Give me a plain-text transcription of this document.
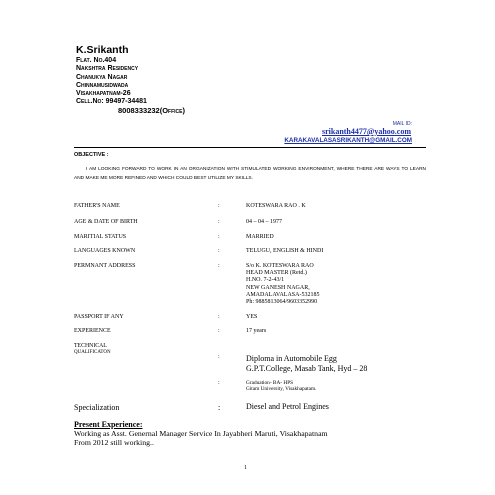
K.Srikanth
Flat. No.404
Nakshtra Residency
Chanukya Nagar
Chinnamusidwada
Visakhapatnam-26
Cell.No: 99497-34481
8008333232(Office)
MAIL ID:
srikanth4477@yahoo.com
KARAKAVALASASRIKANTH@GMAIL.COM
OBJECTIVE :
I AM LOOKING FORWARD TO WORK IN AN ORGANIZATION WITH STIMULATED WORKING ENVIRONMENT, WHERE THERE ARE WAYS TO LEARN AND MAKE ME MORE REFINED AND WHICH COULD BEST UTILIZE MY SKILLS.
FATHER'S NAME	:	KOTESWARA RAO . K
AGE & DATE OF BIRTH	:	04 – 04 – 1977
MARITIAL STATUS	:	MARRIED
LANGUAGES KNOWN	:	TELUGU, ENGLISH & HINDI
PERMNANT ADDRESS	:	S/o K. KOTESWARA RAO
HEAD MASTER (Retd.)
H.NO. 7-2-43/1
NEW GANESH NAGAR,
AMADALAVALASA-532185
Ph: 9885813064/9603352990
PASSPORT IF ANY	:	YES
EXPERIENCE	:	17 years
TECHNICAL
QUALIFICATON
:	Diploma in Automobile Egg
G.P.T.College, Masab Tank, Hyd – 28
:	Graduation- BA- HPS
Gitam University, Visakhapatam.
Specialization	:	Diesel and Petrol Engines
Present Experience:
Working as Asst. Genernal Manager Service In Jayabheri Maruti, Visakhapatnam
From 2012 still working..
1
